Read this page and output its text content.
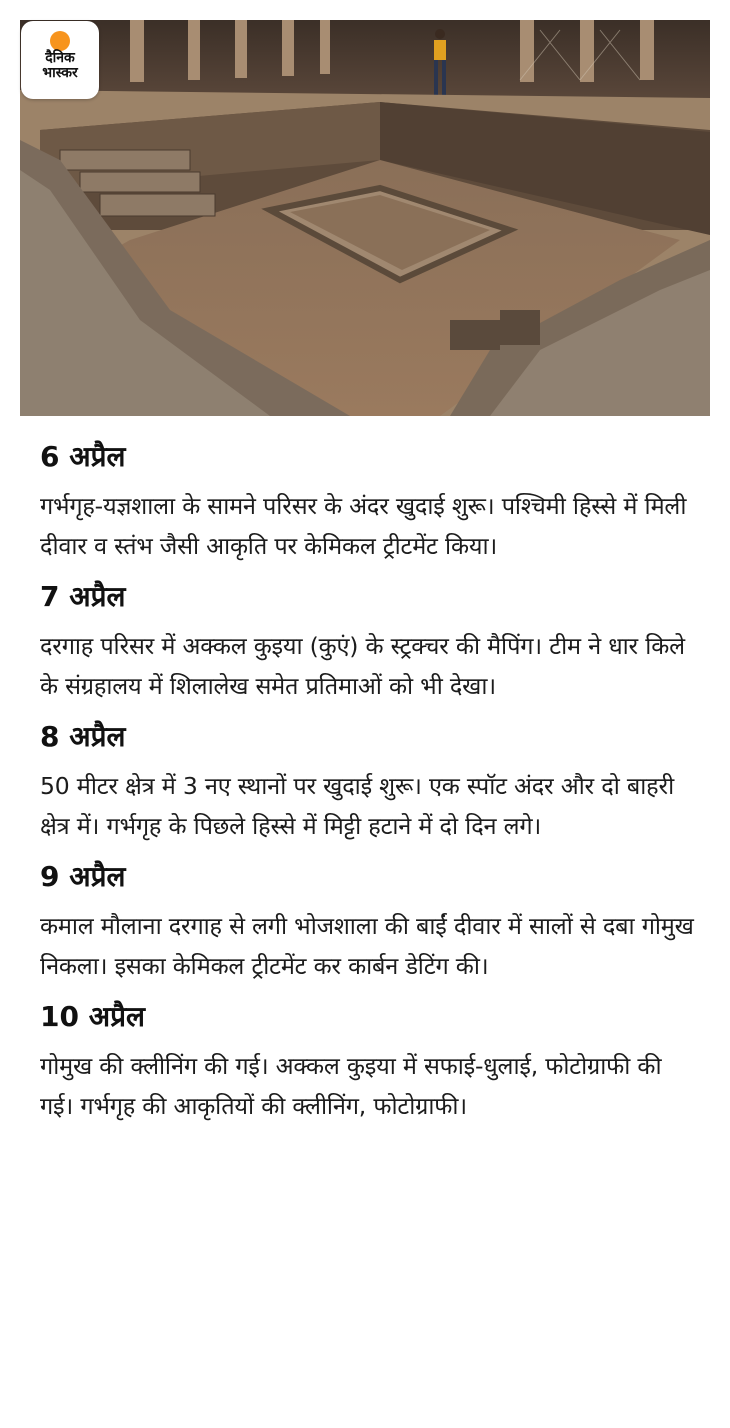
दैनिक
भास्कर
6 अप्रैल

गर्भगृह-यज्ञशाला के सामने परिसर के अंदर खुदाई शुरू। पश्चिमी हिस्से में मिली दीवार व स्तंभ जैसी आकृति पर केमिकल ट्रीटमेंट किया।

7 अप्रैल

दरगाह परिसर में अक्कल कुइया (कुएं) के स्ट्रक्चर की मैपिंग। टीम ने धार किले के संग्रहालय में शिलालेख समेत प्रतिमाओं को भी देखा।

8 अप्रैल

50 मीटर क्षेत्र में 3 नए स्थानों पर खुदाई शुरू। एक स्पॉट अंदर और दो बाहरी क्षेत्र में। गर्भगृह के पिछले हिस्से में मिट्टी हटाने में दो दिन लगे।

9 अप्रैल

कमाल मौलाना दरगाह से लगी भोजशाला की बाईं दीवार में सालों से दबा गोमुख निकला। इसका केमिकल ट्रीटमेंट कर कार्बन डेटिंग की।

10 अप्रैल

गोमुख की क्लीनिंग की गई। अक्कल कुइया में सफाई-धुलाई, फोटोग्राफी की गई। गर्भगृह की आकृतियों की क्लीनिंग, फोटोग्राफी।
